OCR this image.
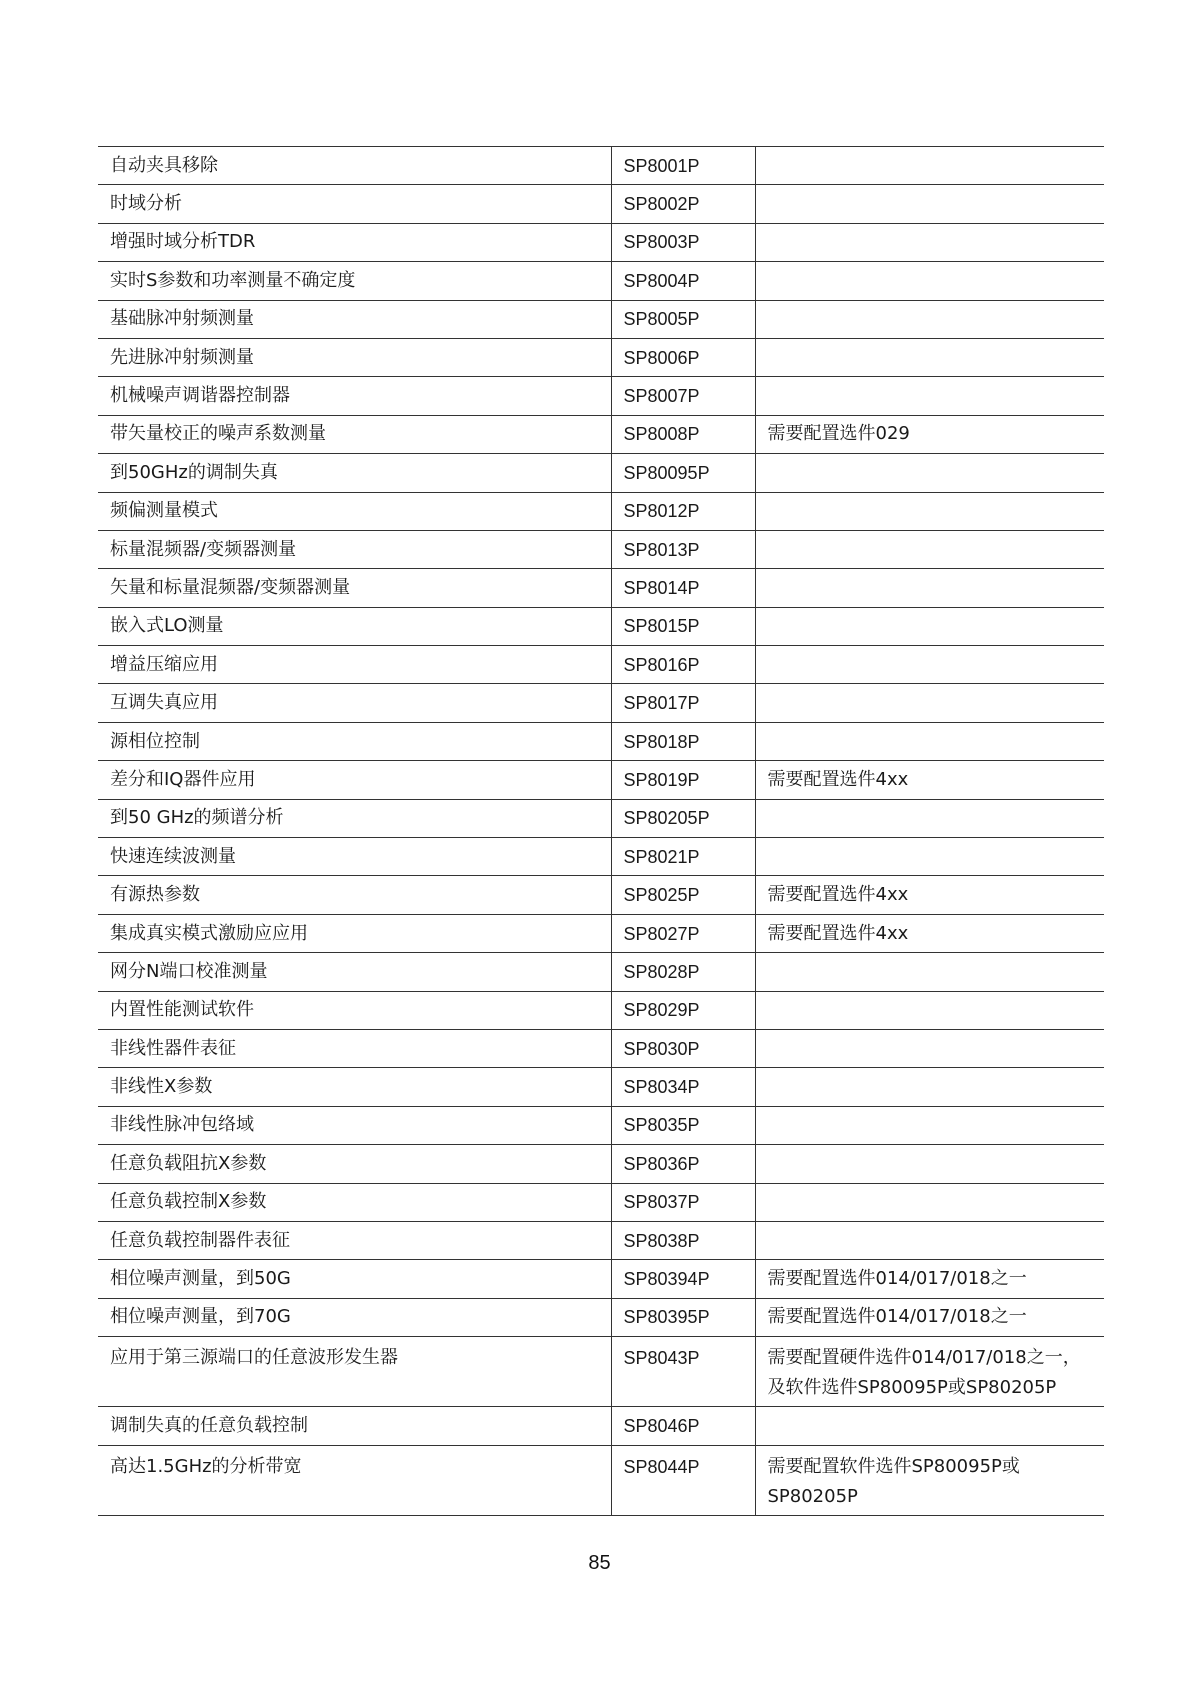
自动夹具移除	SP8001P	
时域分析	SP8002P	
增强时域分析TDR	SP8003P	
实时S参数和功率测量不确定度	SP8004P	
基础脉冲射频测量	SP8005P	
先进脉冲射频测量	SP8006P	
机械噪声调谐器控制器	SP8007P	
带矢量校正的噪声系数测量	SP8008P	需要配置选件029
到50GHz的调制失真	SP80095P	
频偏测量模式	SP8012P	
标量混频器/变频器测量	SP8013P	
矢量和标量混频器/变频器测量	SP8014P	
嵌入式LO测量	SP8015P	
增益压缩应用	SP8016P	
互调失真应用	SP8017P	
源相位控制	SP8018P	
差分和IQ器件应用	SP8019P	需要配置选件4xx
到50 GHz的频谱分析	SP80205P	
快速连续波测量	SP8021P	
有源热参数	SP8025P	需要配置选件4xx
集成真实模式激励应应用	SP8027P	需要配置选件4xx
网分N端口校准测量	SP8028P	
内置性能测试软件	SP8029P	
非线性器件表征	SP8030P	
非线性X参数	SP8034P	
非线性脉冲包络域	SP8035P	
任意负载阻抗X参数	SP8036P	
任意负载控制X参数	SP8037P	
任意负载控制器件表征	SP8038P	
相位噪声测量，到50G	SP80394P	需要配置选件014/017/018之一
相位噪声测量，到70G	SP80395P	需要配置选件014/017/018之一
应用于第三源端口的任意波形发生器	SP8043P	需要配置硬件选件014/017/018之一，及软件选件SP80095P或SP80205P
调制失真的任意负载控制	SP8046P	
高达1.5GHz的分析带宽	SP8044P	需要配置软件选件SP80095P或SP80205P
85
